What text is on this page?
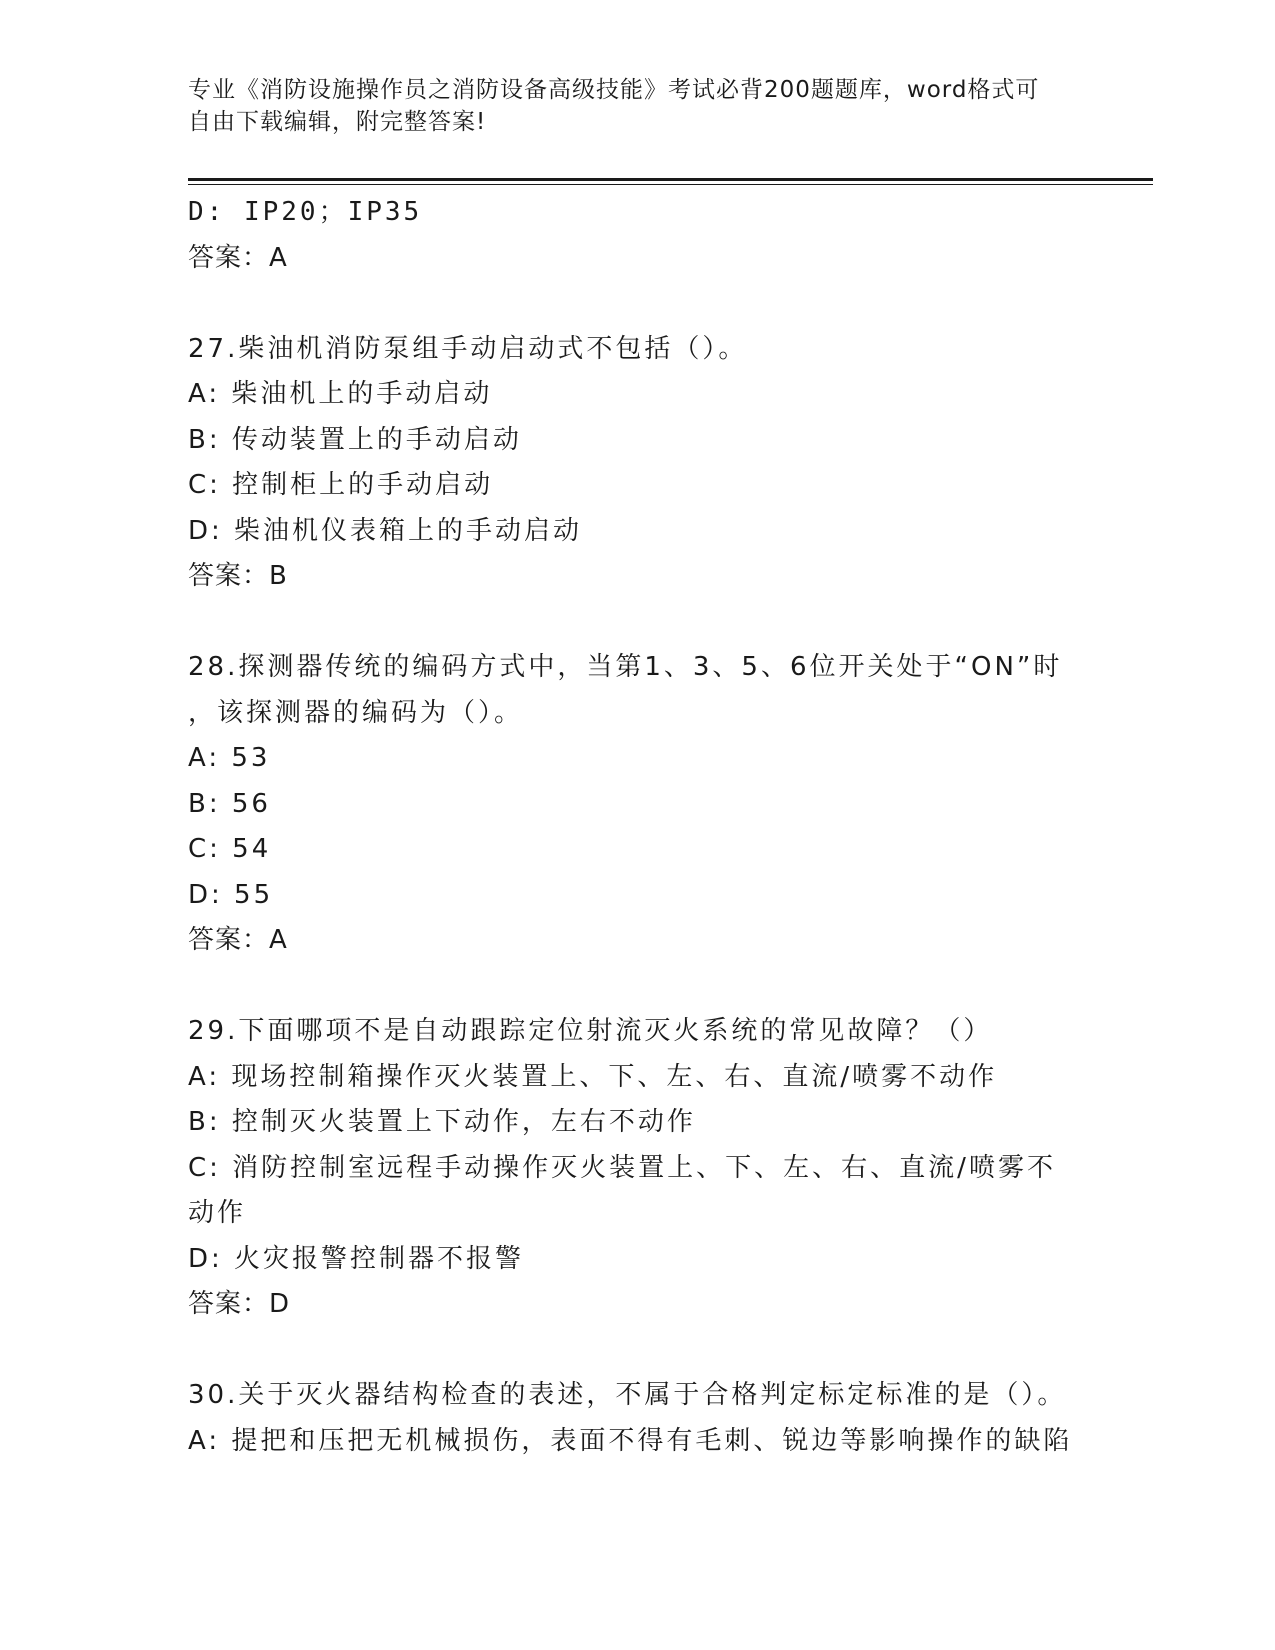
专业《消防设施操作员之消防设备高级技能》考试必背200题题库，word格式可
自由下载编辑，附完整答案!
D: IP20；IP35
答案：A
27.柴油机消防泵组手动启动式不包括（）。
A: 柴油机上的手动启动
B: 传动装置上的手动启动
C: 控制柜上的手动启动
D: 柴油机仪表箱上的手动启动
答案：B
28.探测器传统的编码方式中，当第1、3、5、6位开关处于“ON”时
，该探测器的编码为（）。
A: 53
B: 56
C: 54
D: 55
答案：A
29.下面哪项不是自动跟踪定位射流灭火系统的常见故障？（）
A: 现场控制箱操作灭火装置上、下、左、右、直流/喷雾不动作
B: 控制灭火装置上下动作，左右不动作
C: 消防控制室远程手动操作灭火装置上、下、左、右、直流/喷雾不
动作
D: 火灾报警控制器不报警
答案：D
30.关于灭火器结构检查的表述，不属于合格判定标定标准的是（）。
A: 提把和压把无机械损伤，表面不得有毛刺、锐边等影响操作的缺陷
